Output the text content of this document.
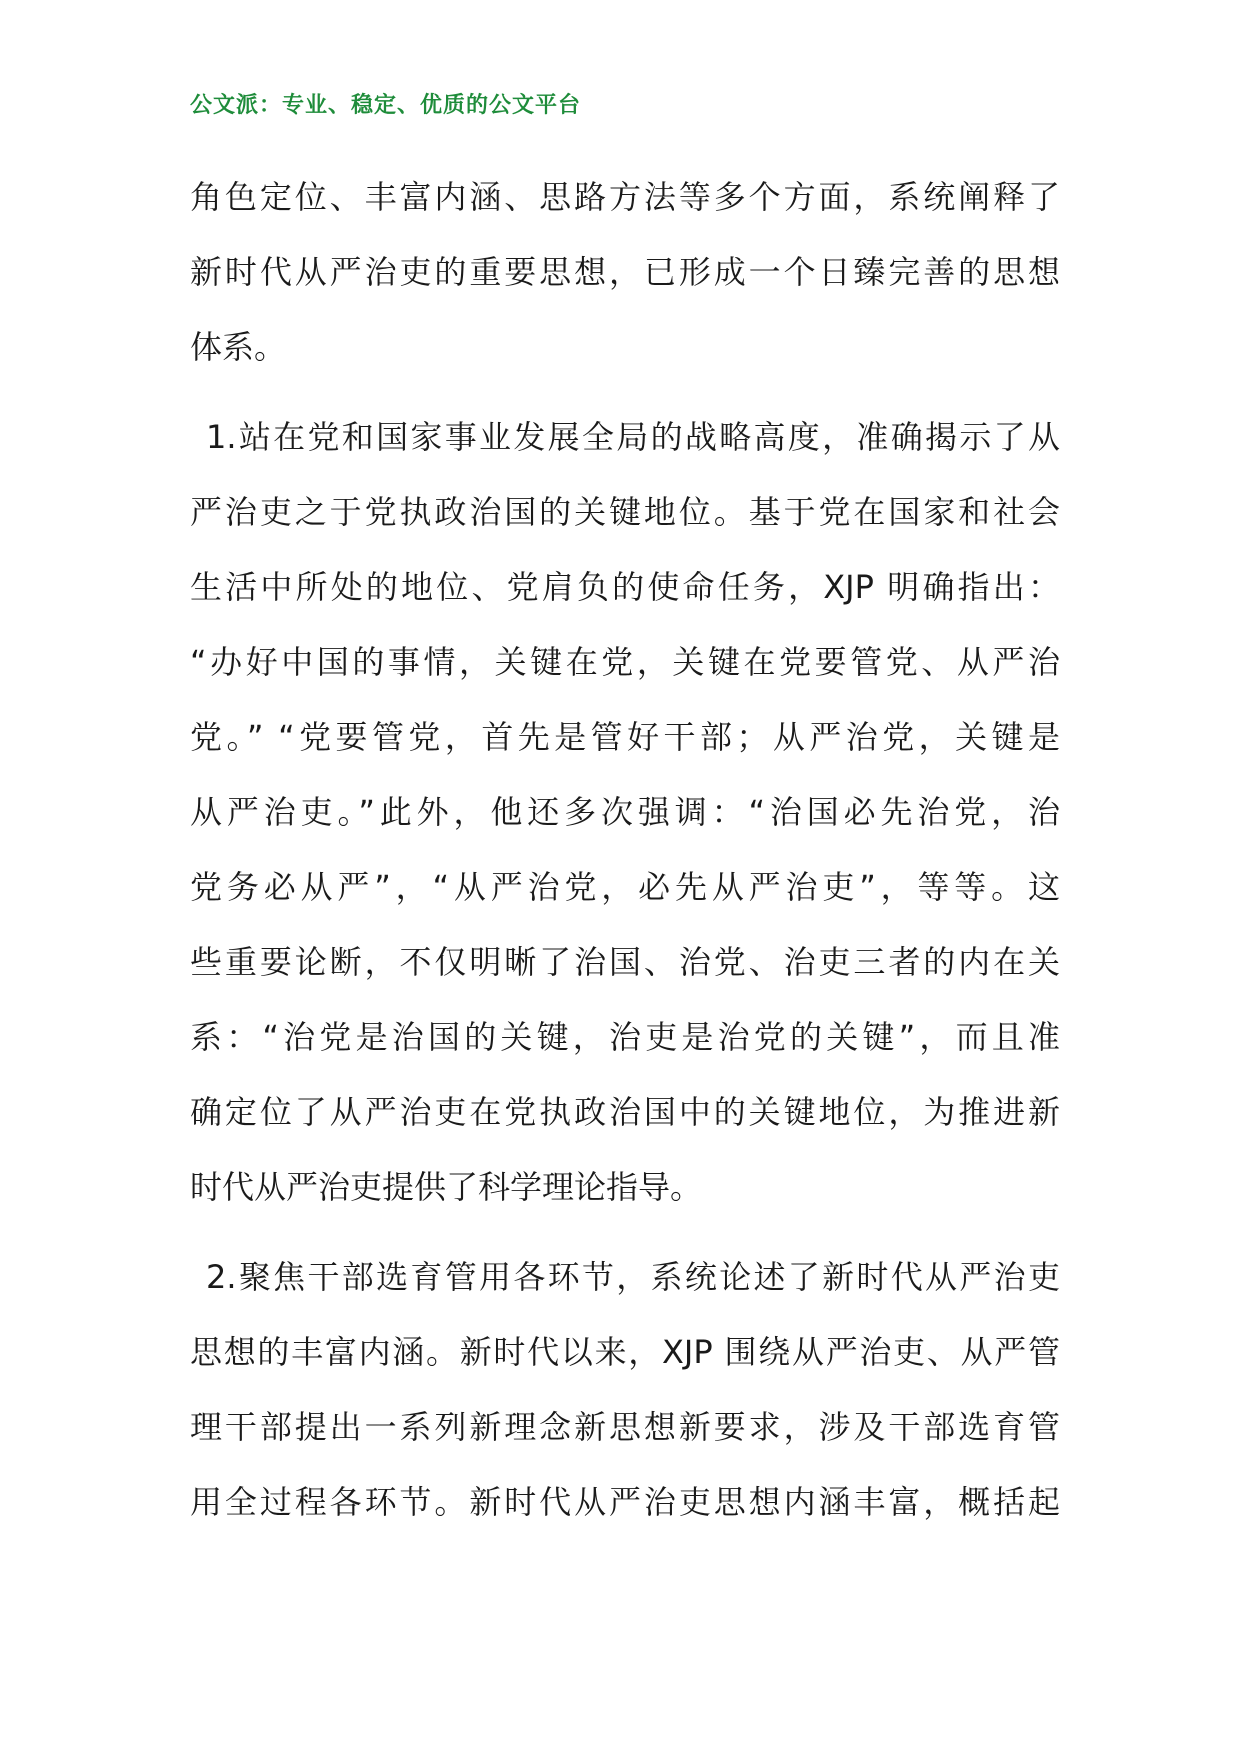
公文派：专业、稳定、优质的公文平台
角色定位、丰富内涵、思路方法等多个方面，系统阐释了
新时代从严治吏的重要思想，已形成一个日臻完善的思想
体系。
1.站在党和国家事业发展全局的战略高度，准确揭示了从
严治吏之于党执政治国的关键地位。基于党在国家和社会
生活中所处的地位、党肩负的使命任务，XJP 明确指出：
“办好中国的事情，关键在党，关键在党要管党、从严治
党。” “党要管党，首先是管好干部；从严治党，关键是
从严治吏。”此外，他还多次强调：“治国必先治党，治
党务必从严”，“从严治党，必先从严治吏”，等等。这
些重要论断，不仅明晰了治国、治党、治吏三者的内在关
系：“治党是治国的关键，治吏是治党的关键”，而且准
确定位了从严治吏在党执政治国中的关键地位，为推进新
时代从严治吏提供了科学理论指导。
2.聚焦干部选育管用各环节，系统论述了新时代从严治吏
思想的丰富内涵。新时代以来，XJP 围绕从严治吏、从严管
理干部提出一系列新理念新思想新要求，涉及干部选育管
用全过程各环节。新时代从严治吏思想内涵丰富，概括起
